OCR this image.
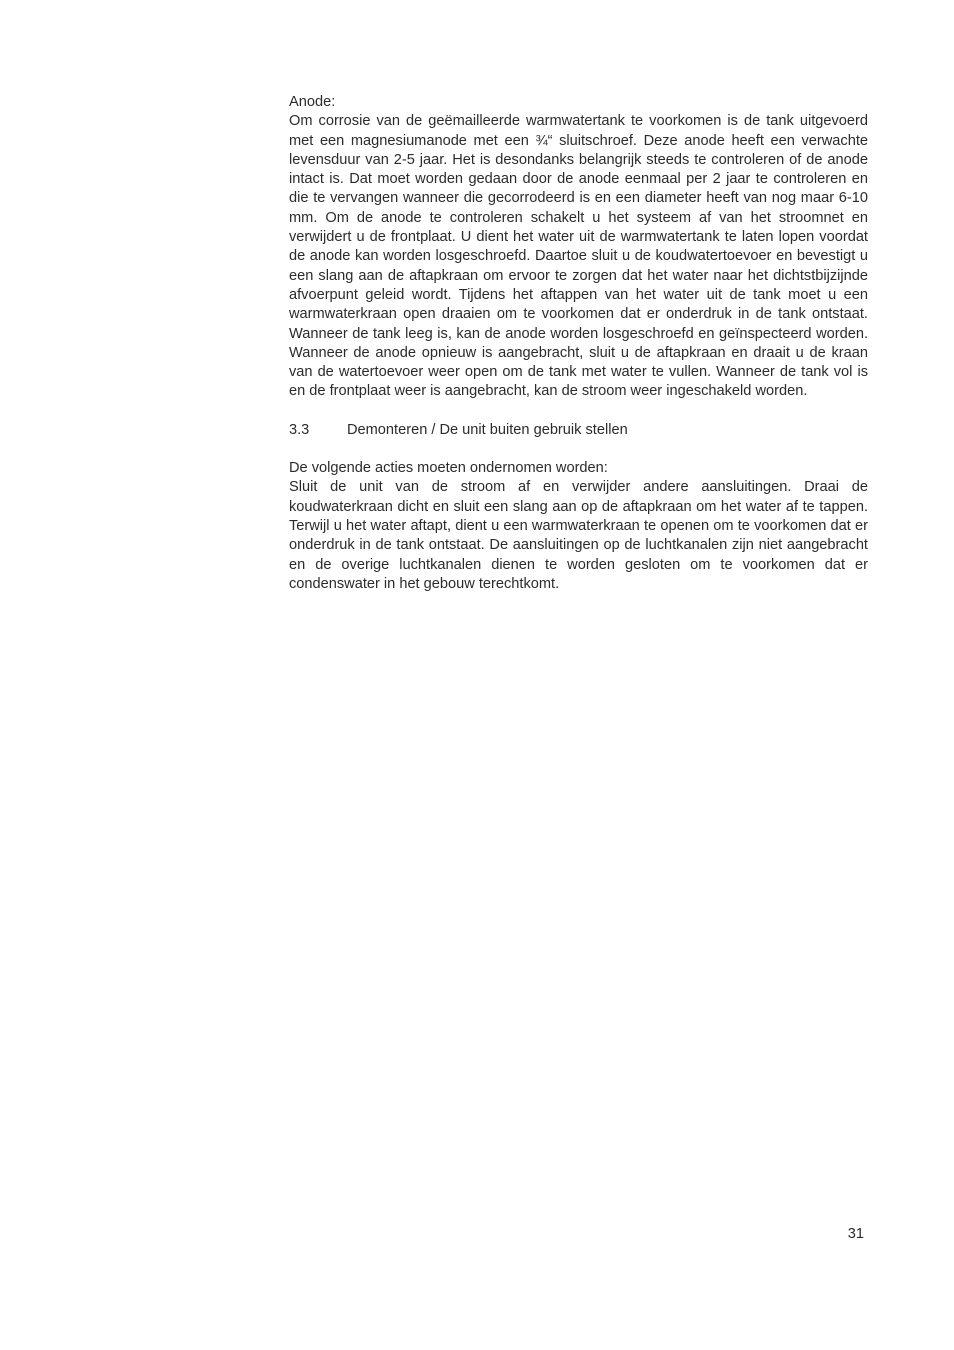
Anode:

Om corrosie van de geëmailleerde warmwatertank te voorkomen is de tank uitgevoerd met een magnesiumanode met een ¾“ sluitschroef. Deze anode heeft een verwachte levensduur van 2-5 jaar. Het is desondanks belangrijk steeds te controleren of de anode intact is. Dat moet worden gedaan door de anode eenmaal per 2 jaar te controleren en die te vervangen wanneer die gecorrodeerd is en een diameter heeft van nog maar 6-10 mm. Om de anode te controleren schakelt u het systeem af van het stroomnet en verwijdert u de frontplaat. U dient het water uit de warmwatertank te laten lopen voordat de anode kan worden losgeschroefd. Daartoe sluit u de koudwatertoevoer en bevestigt u een slang aan de aftapkraan om ervoor te zorgen dat het water naar het dichtstbijzijnde afvoerpunt geleid wordt. Tijdens het aftappen van het water uit de tank moet u een warmwaterkraan open draaien om te voorkomen dat er onderdruk in de tank ontstaat. Wanneer de tank leeg is, kan de anode worden losgeschroefd en geïnspecteerd worden. Wanneer de anode opnieuw is aangebracht, sluit u de aftapkraan en draait u de kraan van de watertoevoer weer open om de tank met water te vullen. Wanneer de tank vol is en de frontplaat weer is aangebracht, kan de stroom weer ingeschakeld worden.

3.3	Demonteren / De unit buiten gebruik stellen

De volgende acties moeten ondernomen worden:

Sluit de unit van de stroom af en verwijder andere aansluitingen. Draai de koudwaterkraan dicht en sluit een slang aan op de aftapkraan om het water af te tappen. Terwijl u het water aftapt, dient u een warmwaterkraan te openen om te voorkomen dat er onderdruk in de tank ontstaat. De aansluitingen op de luchtkanalen zijn niet aangebracht en de overige luchtkanalen dienen te worden gesloten om te voorkomen dat er condenswater in het gebouw terechtkomt.

31
